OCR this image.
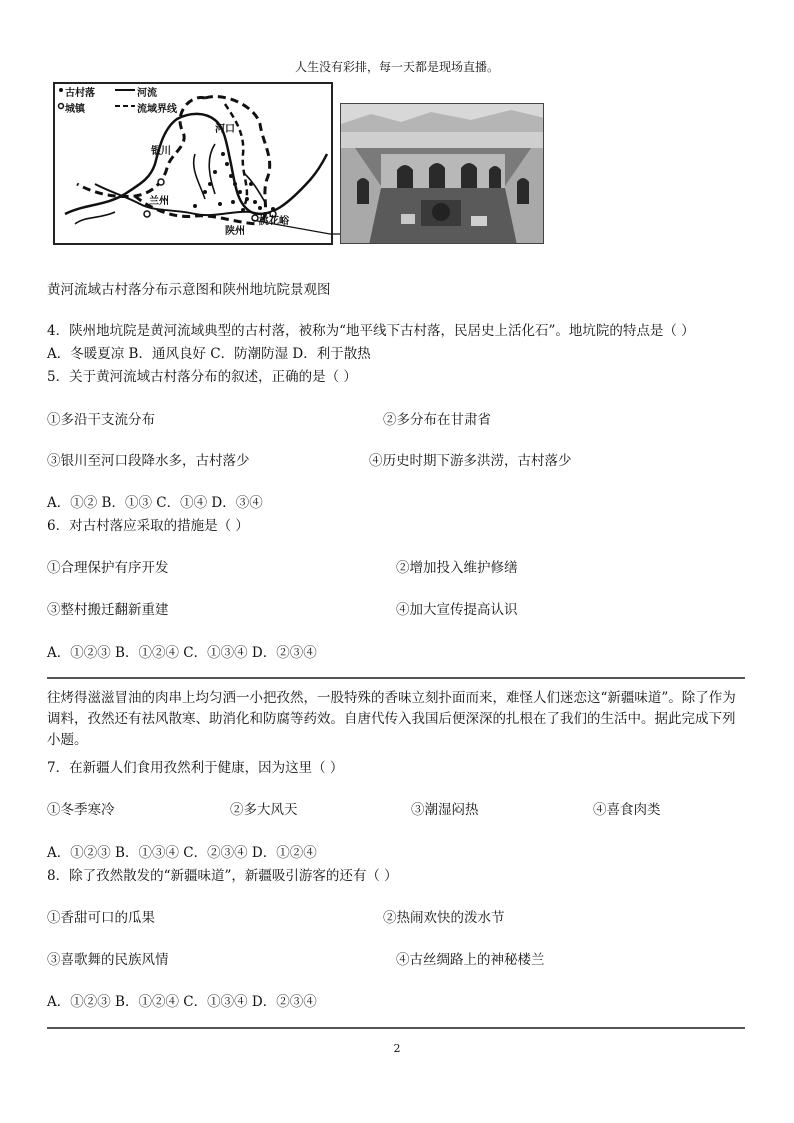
人生没有彩排，每一天都是现场直播。
古村落	河流
城镇	流域界线
河口
银川
兰州
陕州
桃花峪
黄河流域古村落分布示意图和陕州地坑院景观图
4．陕州地坑院是黄河流域典型的古村落，被称为“地平线下古村落，民居史上活化石”。地坑院的特点是（ ）
A．冬暖夏凉 B．通风良好 C．防潮防湿 D．利于散热
5．关于黄河流域古村落分布的叙述，正确的是（ ）
①多沿干支流分布	②多分布在甘肃省
③银川至河口段降水多，古村落少	④历史时期下游多洪涝，古村落少
A．①② B．①③ C．①④ D．③④
6．对古村落应采取的措施是（ ）
①合理保护有序开发	②增加投入维护修缮
③整村搬迁翻新重建	④加大宣传提高认识
A．①②③ B．①②④ C．①③④ D．②③④
往烤得滋滋冒油的肉串上均匀洒一小把孜然，一股特殊的香味立刻扑面而来，难怪人们迷恋这“新疆味道”。除了作为调料，孜然还有祛风散寒、助消化和防腐等药效。自唐代传入我国后便深深的扎根在了我们的生活中。据此完成下列小题。
7．在新疆人们食用孜然利于健康，因为这里（ ）
①冬季寒冷	②多大风天	③潮湿闷热	④喜食肉类
A．①②③ B．①③④ C．②③④ D．①②④
8．除了孜然散发的“新疆味道”，新疆吸引游客的还有（ ）
①香甜可口的瓜果	②热闹欢快的泼水节
③喜歌舞的民族风情	④古丝绸路上的神秘楼兰
A．①②③ B．①②④ C．①③④ D．②③④
2
